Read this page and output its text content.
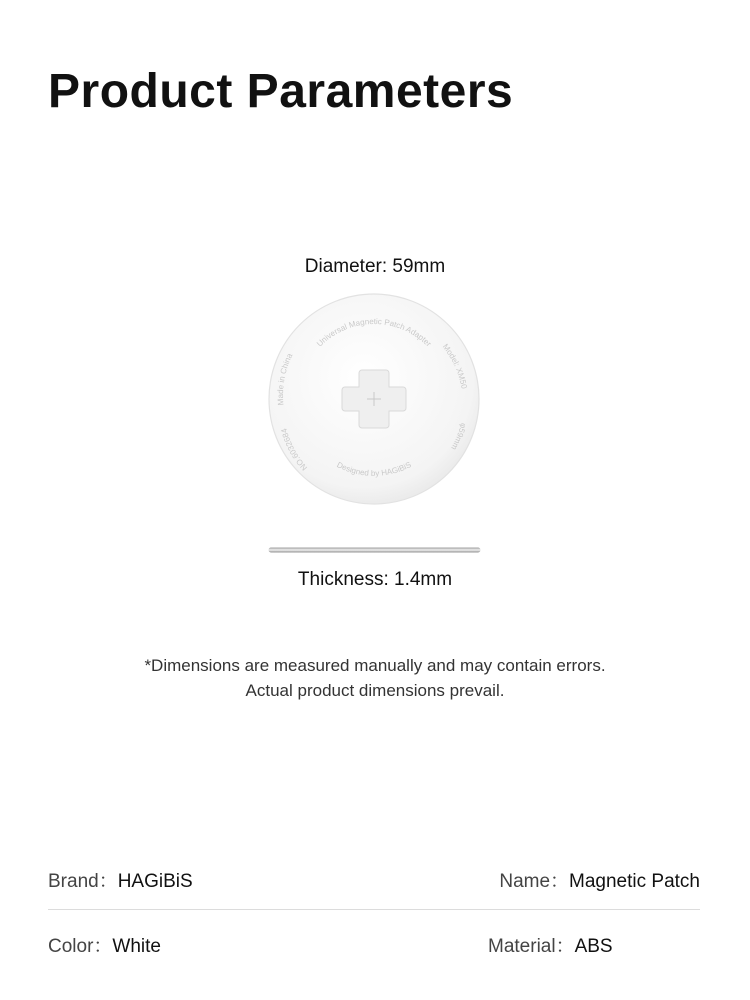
Product Parameters
Diameter: 59mm
Universal Magnetic Patch Adapter
Designed by HAGiBiS
Model: XM50
φ59mm
Made in China
NO.6032684
Thickness: 1.4mm
*Dimensions are measured manually and may contain errors.
Actual product dimensions prevail.
Brand：HAGiBiS	Name：Magnetic Patch
Color：White	Material：ABS
